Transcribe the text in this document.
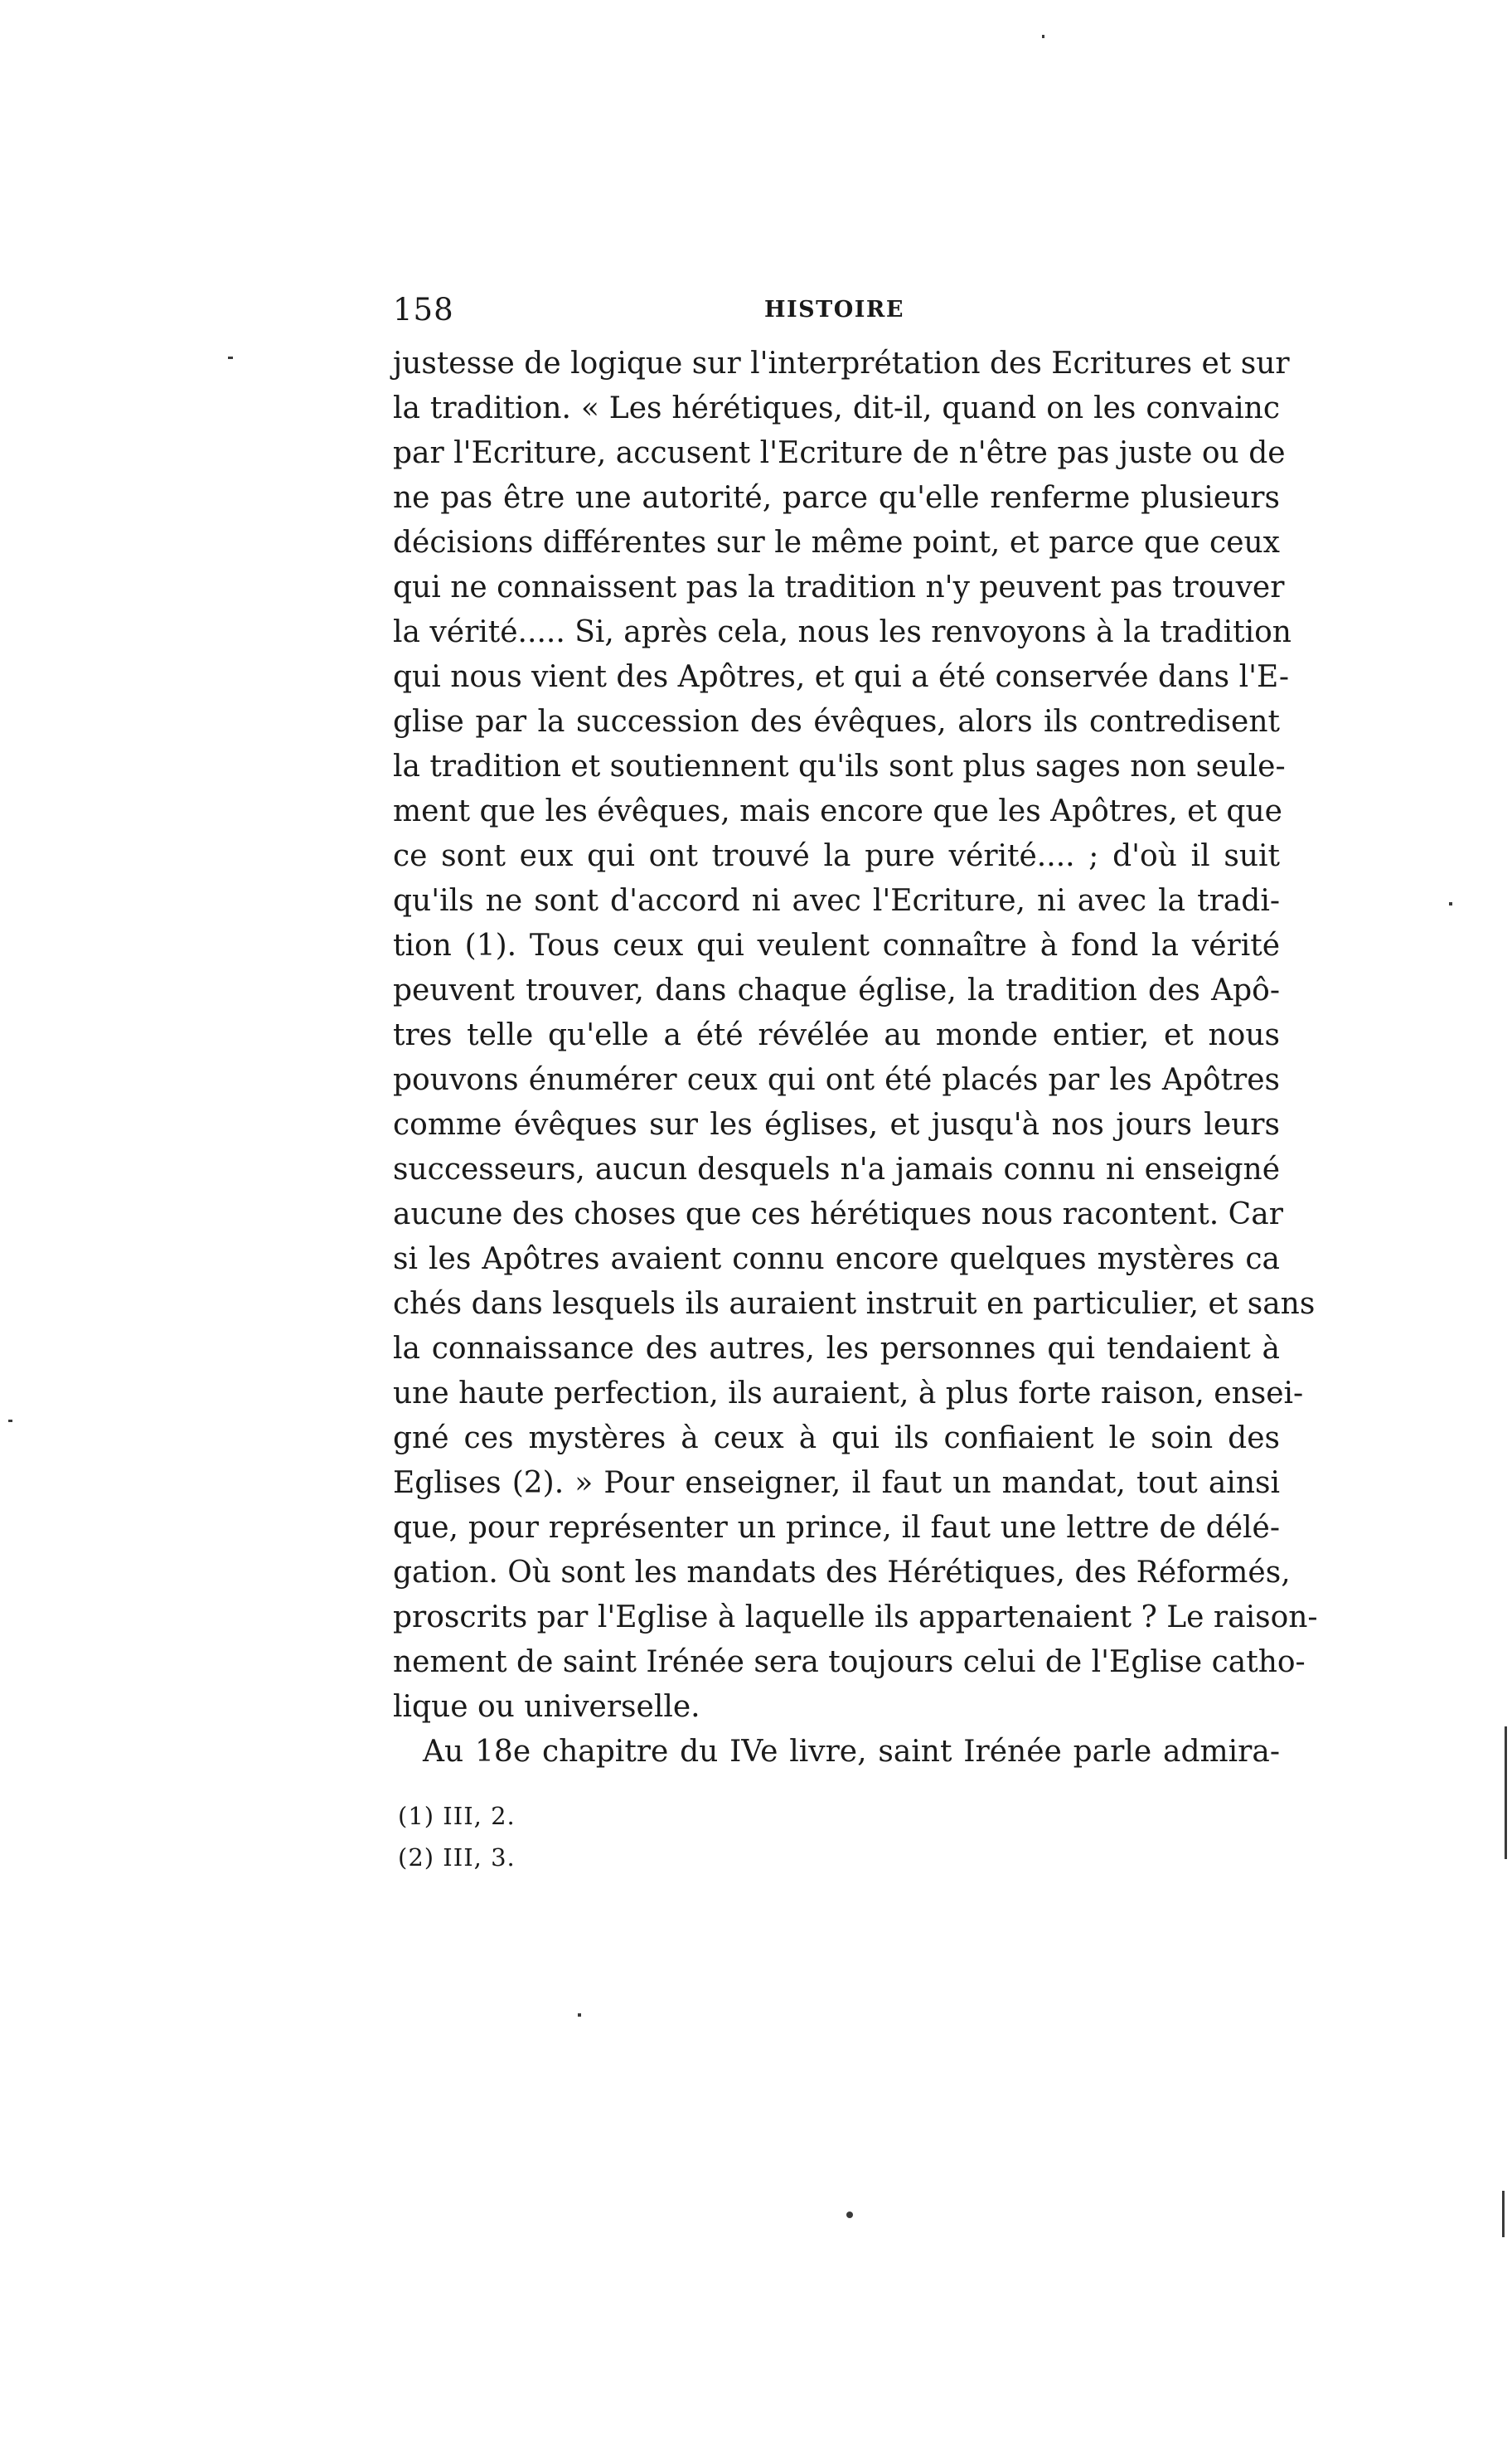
158	HISTOIRE
justesse de logique sur l'interprétation des Ecritures et sur
la tradition. « Les hérétiques, dit-il, quand on les convainc
par l'Ecriture, accusent l'Ecriture de n'être pas juste ou de
ne pas être une autorité, parce qu'elle renferme plusieurs
décisions différentes sur le même point, et parce que ceux
qui ne connaissent pas la tradition n'y peuvent pas trouver
la vérité..... Si, après cela, nous les renvoyons à la tradition
qui nous vient des Apôtres, et qui a été conservée dans l'E-
glise par la succession des évêques, alors ils contredisent
la tradition et soutiennent qu'ils sont plus sages non seule-
ment que les évêques, mais encore que les Apôtres, et que
ce sont eux qui ont trouvé la pure vérité.... ; d'où il suit
qu'ils ne sont d'accord ni avec l'Ecriture, ni avec la tradi-
tion (1). Tous ceux qui veulent connaître à fond la vérité
peuvent trouver, dans chaque église, la tradition des Apô-
tres telle qu'elle a été révélée au monde entier, et nous
pouvons énumérer ceux qui ont été placés par les Apôtres
comme évêques sur les églises, et jusqu'à nos jours leurs
successeurs, aucun desquels n'a jamais connu ni enseigné
aucune des choses que ces hérétiques nous racontent. Car
si les Apôtres avaient connu encore quelques mystères ca
chés dans lesquels ils auraient instruit en particulier, et sans
la connaissance des autres, les personnes qui tendaient à
une haute perfection, ils auraient, à plus forte raison, ensei-
gné ces mystères à ceux à qui ils confiaient le soin des
Eglises (2). » Pour enseigner, il faut un mandat, tout ainsi
que, pour représenter un prince, il faut une lettre de délé-
gation. Où sont les mandats des Hérétiques, des Réformés,
proscrits par l'Eglise à laquelle ils appartenaient ? Le raison-
nement de saint Irénée sera toujours celui de l'Eglise catho-
lique ou universelle.
Au 18e chapitre du IVe livre, saint Irénée parle admira-
(1) III, 2.
(2) III, 3.
